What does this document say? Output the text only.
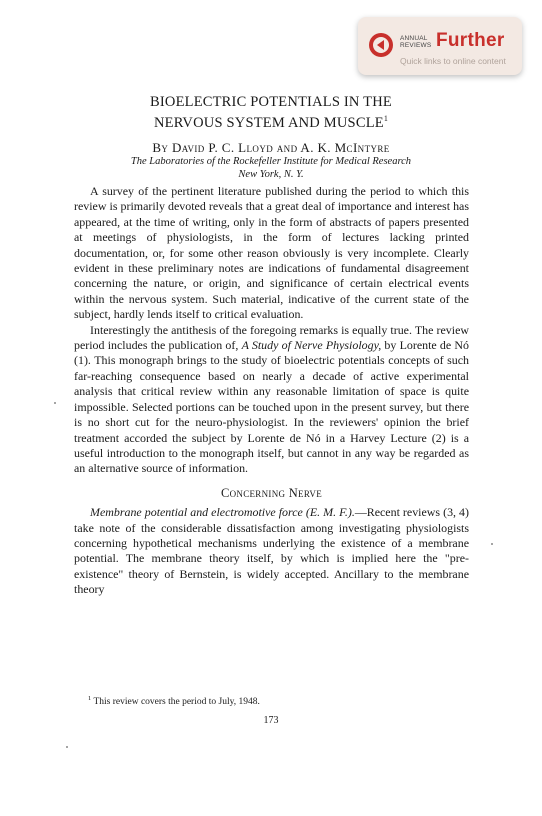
ANNUAL
REVIEWS Further
Quick links to online content
BIOELECTRIC POTENTIALS IN THE
NERVOUS SYSTEM AND MUSCLE$^1$
By David P. C. Lloyd and A. K. McIntyre
The Laboratories of the Rockefeller Institute for Medical Research
New York, N. Y.

A survey of the pertinent literature published during the period to which this review is primarily devoted reveals that a great deal of importance and interest has appeared, at the time of writing, only in the form of abstracts of papers presented at meetings of physiologists, in the form of lectures lacking printed documentation, or, for some other reason obviously is very incomplete. Clearly evident in these preliminary notes are indications of fundamental disagreement concerning the nature, or origin, and significance of certain electrical events within the nervous system. Such material, indicative of the current state of the subject, hardly lends itself to critical evaluation.

Interestingly the antithesis of the foregoing remarks is equally true. The review period includes the publication of, A Study of Nerve Physiology, by Lorente de Nó (1). This monograph brings to the study of bioelectric potentials concepts of such far-reaching consequence based on nearly a decade of active experimental analysis that critical review within any reasonable limitation of space is quite impossible. Selected portions can be touched upon in the present survey, but there is no short cut for the neuro-physiologist. In the reviewers' opinion the brief treatment accorded the subject by Lorente de Nó in a Harvey Lecture (2) is a useful introduction to the monograph itself, but cannot in any way be regarded as an alternative source of information.

Concerning Nerve

Membrane potential and electromotive force (E. M. F.).—Recent reviews (3, 4) take note of the considerable dissatisfaction among investigating physiologists concerning hypothetical mechanisms underlying the existence of a membrane potential. The membrane theory itself, by which is implied here the "pre-existence" theory of Bernstein, is widely accepted. Ancillary to the membrane theory

$^1$ This review covers the period to July, 1948.
173
